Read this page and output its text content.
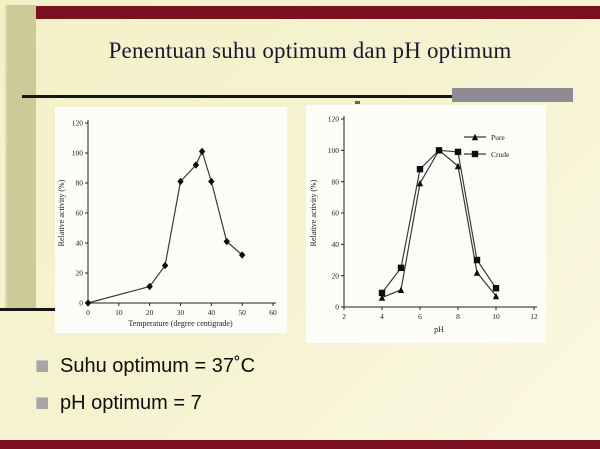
Penentuan suhu optimum dan pH optimum
0
20
40
60
80
100
120
0	10	20	30	40	50	60
Temperature (degree centigrade)
Relative activity (%)
0
20
40
60
80
100
120
2	4	6	8	10	12
pH
Relative activity (%)
Pure
Crude
Suhu optimum = 37˚C
pH optimum = 7
